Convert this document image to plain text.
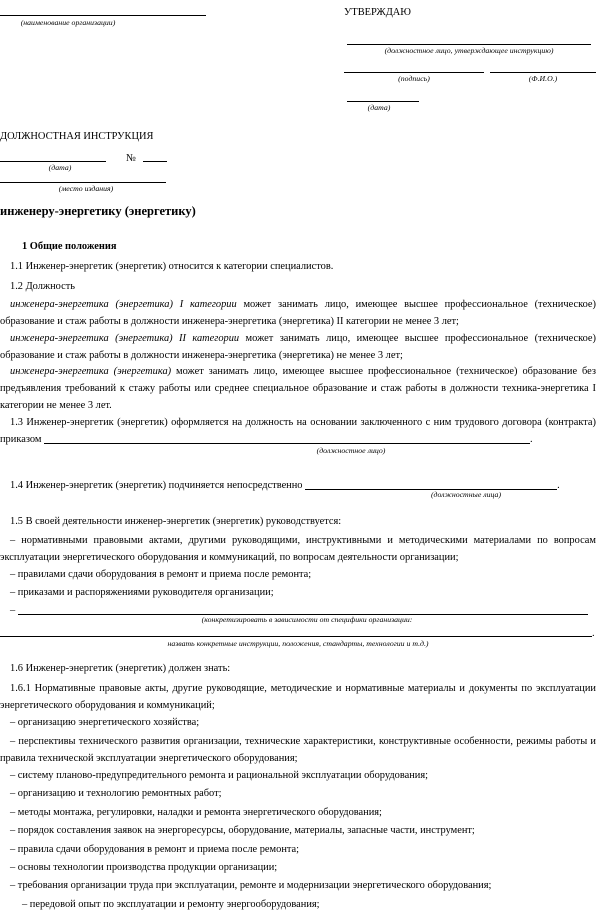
(наименование организации)
УТВЕРЖДАЮ
(должностное лицо, утверждающее инструкцию)
(подпись)	(Ф.И.О.)
(дата)
ДОЛЖНОСТНАЯ ИНСТРУКЦИЯ
№
(дата)
(место издания)
инженеру-энергетику (энергетику)
1 Общие положения
1.1 Инженер-энергетик (энергетик) относится к категории специалистов.
1.2 Должность
инженера-энергетика (энергетика) I категории может занимать лицо, имеющее высшее профессиональное (техническое) образование и стаж работы в должности инженера-энергетика (энергетика) II категории не менее 3 лет;
инженера-энергетика (энергетика) II категории может занимать лицо, имеющее высшее профессиональное (техническое) образование и стаж работы в должности инженера-энергетика (энергетика) не менее 3 лет;
инженера-энергетика (энергетика) может занимать лицо, имеющее высшее профессиональное (техническое) образование без предъявления требований к стажу работы или среднее специальное образование и стаж работы в должности техника-энергетика I категории не менее 3 лет.
1.3 Инженер-энергетик (энергетик) оформляется на должность на основании заключенного с ним трудового договора (контракта) приказом	.
(должностное лицо)
1.4 Инженер-энергетик (энергетик) подчиняется непосредственно	.
(должностные лица)
1.5 В своей деятельности инженер-энергетик (энергетик) руководствуется:
– нормативными правовыми актами, другими руководящими, инструктивными и методическими материалами по вопросам эксплуатации энергетического оборудования и коммуникаций, по вопросам деятельности организации;
– правилами сдачи оборудования в ремонт и приема после ремонта;
– приказами и распоряжениями руководителя организации;
–
(конкретизировать в зависимости от специфики организации:
.
назвать конкретные инструкции, положения, стандарты, технологии и т.д.)
1.6 Инженер-энергетик (энергетик) должен знать:
1.6.1 Нормативные правовые акты, другие руководящие, методические и нормативные материалы и документы по эксплуатации энергетического оборудования и коммуникаций;
– организацию энергетического хозяйства;
– перспективы технического развития организации, технические характеристики, конструктивные особенности, режимы работы и правила технической эксплуатации энергетического оборудования;
– систему планово-предупредительного ремонта и рациональной эксплуатации оборудования;
– организацию и технологию ремонтных работ;
– методы монтажа, регулировки, наладки и ремонта энергетического оборудования;
– порядок составления заявок на энергоресурсы, оборудование, материалы, запасные части, инструмент;
– правила сдачи оборудования в ремонт и приема после ремонта;
– основы технологии производства продукции организации;
– требования организации труда при эксплуатации, ремонте и модернизации энергетического оборудования;
– передовой опыт по эксплуатации и ремонту энергооборудования;
